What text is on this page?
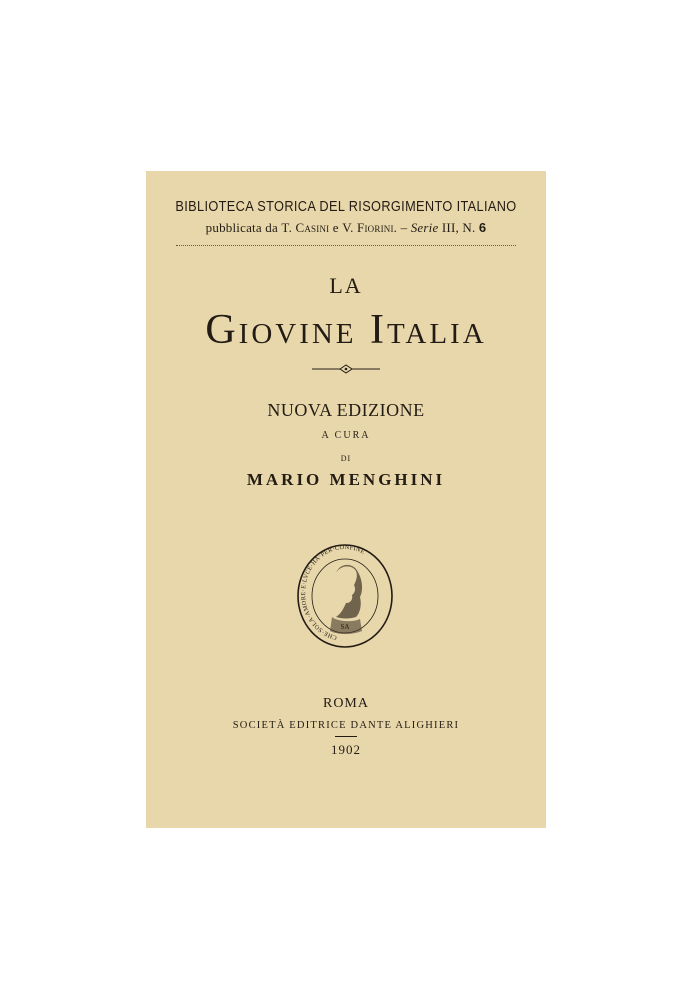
BIBLIOTECA STORICA DEL RISORGIMENTO ITALIANO
pubblicata da T. Casini e V. Fiorini. – Serie III, N. 6
LA
Giovine Italia
NUOVA EDIZIONE
A CURA
DI
MARIO MENGHINI
CHE·SOLA·AMORE·E·LVCE·HA·PER·CONFINE
SA
ROMA
SOCIETÀ EDITRICE DANTE ALIGHIERI
1902
